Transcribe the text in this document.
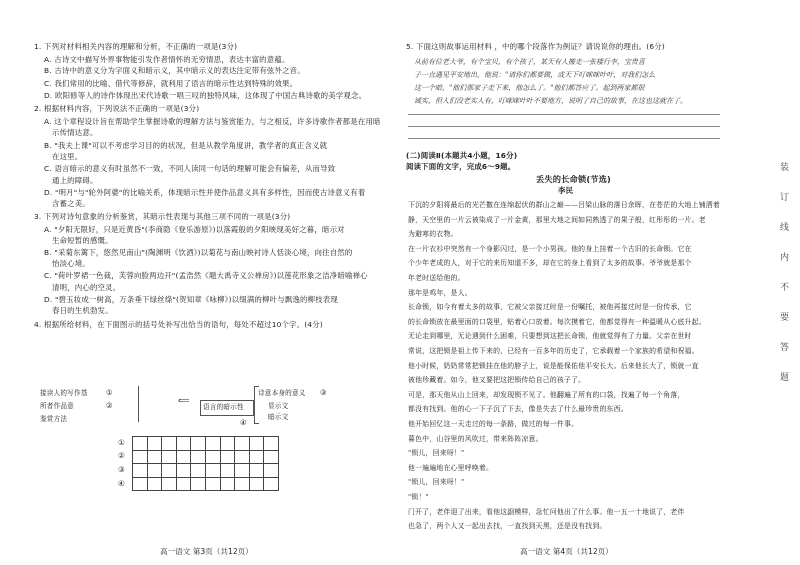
1. 下列对材料相关内容的理解和分析，不正确的一项是(3分)
A. 古诗文中描写外界事物能引发作者情怀的无穷情思，表达丰富的意蕴。
B. 古诗中的意义分为字面义和暗示义，其中暗示义的表达注定带有弦外之音。
C. 我们常用的比喻、借代等修辞，就利用了语言的暗示性达到特殊的效果。
D. 欧阳修等人的诗作体现出宋代诗歌一唱三叹的独特风味，这体现了中国古典诗歌的美学观念。
2. 根据材料内容，下列说法不正确的一项是(3分)
A. 这个章程设计旨在帮助学生掌握诗歌的理解方法与鉴赏能力，与之相反，许多诗歌作者都是在用暗
示传情达意。
B. "我夫上课"可以不考虑学习目的的状况，但是从教学角度讲，教学者的真正含义就
在这里。
C. 语言暗示的意义有时虽然不一致，不同人读同一句话的理解可能会有偏差，从而导致
通上的障碍。
D. "明月"与"轮外阿婆"的比喻关系，体现暗示性并使作品意义具有多样性，因而使古诗意义有着
含蓄之美。
3. 下列对诗句意象的分析鉴赏，其暗示性表现与其他三项不同的一项是(3分)
A. "夕阳无限好，只是近黄昏"(李商隐《登乐游原》)以落霞般的夕阳映现美好之暮，暗示对
生命短暂的感慨。
B. "采菊东篱下，悠然见南山"(陶渊明《饮酒》)以菊花与南山映衬诗人恬淡心境，向往自然的
怡淡心境。
C. "荷叶罗裙一色裁，芙蓉向脸两边开"(孟浩然《题大禹寺义公禅房》)以莲花形象之洁净暗喻禅心
清明，内心的空灵。
D. "碧玉妆成一树高，万条垂下绿丝绦"(贺知章《咏柳》)以缀满的柳叶与飘逸的柳枝表现
春日的生机勃发。
4. 根据所给材料，在下面图示的括号处补写出恰当的语句，每处不超过10个字。(4分)
接读人的写作基
所者作品意
鉴赏方法
②
①
语言的暗示性
⟸
诗意本身的意义
显示文
暗示文
④
③
①
②
③
④

高一语文 第3页（共12页）
5. 下面这则故事运用材料 ，中的哪个段落作为例证？请说说你的理由。(6分)
从前有位老大爷，有个宝贝，有个孩子，某天有人搬走一张楼行李，宝贵喜
子一直遇见平安地出，他说："请你们都要做，或天下叮咪咪叶叶，对我们怎么
这一个暗，"他们那家子走下来，他怎么了。"他们都答应了。起到两家都很
诚实，但人们没老实人有，叮咪咪叶叶不要地方，说明了自己的故事，在这也这就在了。
(二)阅读Ⅱ(本题共4小题，16分)
阅读下面的文字，完成6～9题。
丢失的长命锁(节选)
李民
下沉的夕阳将最后的光芒撒在连绵起伏的群山之巅——吕梁山脉的落日余晖，在苍茫的大地上铺洒着
静，天空里的一片云被染成了一片金黄，那里大地之间如同熟透了的果子般，红彤彤的一片。老
为避寒的衣物。
在一片衣衫中突然有一个身影闪过，是一个小男孩。他的身上挂着一个古旧的长命锁。它在
个少年老成的人，对于它的来历知道不多，却在它的身上看到了太多的故事。爷爷就是那个
年老时送给他的。
那年是鸡年，是人。
长命锁，如今有着太多的故事，它被父亲接过时是一份嘱托，被他再接过时是一份传承，它
的长命锁放在最里面的口袋里，贴着心口放着。每次摸着它，他都觉得有一种温暖从心底升起。
无论走到哪里，无论遇到什么困难，只要想到这把长命锁，他就觉得有了力量。父亲在世时
常说，这把锁是祖上传下来的，已经有一百多年的历史了，它承载着一个家族的希望和祝福。
他小时候，奶奶常常把锁挂在他的脖子上，说是能保佑他平安长大。后来他长大了，锁就一直
被他珍藏着。如今，他又要把这把锁传给自己的孩子了。
可是，那天他从山上回来，却发现锁不见了。他翻遍了所有的口袋，找遍了每一个角落，
都没有找到。他的心一下子沉了下去，像是失去了什么最珍贵的东西。
他开始回忆这一天走过的每一条路，做过的每一件事。
暮色中，山谷里的风吹过，带来阵阵凉意。
"锁儿，回来呀！"
他一遍遍地在心里呼唤着。
"锁儿，回来呀！"
"锁！"
门开了，老伴迎了出来，看他这副模样，急忙问他出了什么事。他一五一十地说了，老伴
也急了，两个人又一起出去找，一直找到天黑，还是没有找到。
高一语文 第4页（共12页）
装
订
线
内
不
要
答
题
